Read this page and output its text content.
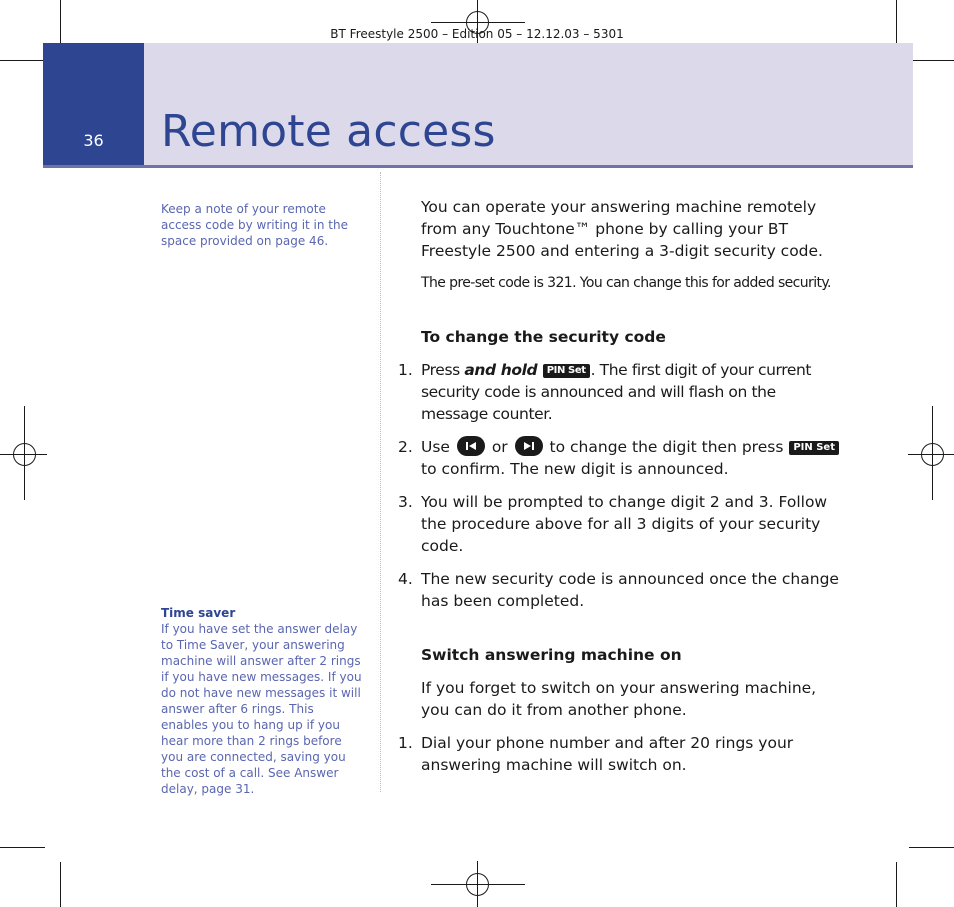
BT Freestyle 2500 – Edition 05 – 12.12.03 – 5301
36	Remote access
Keep a note of your remote access code by writing it in the space provided on page 46.
Time saver
If you have set the answer delay to Time Saver, your answering machine will answer after 2 rings if you have new messages. If you do not have new messages it will answer after 6 rings. This enables you to hang up if you hear more than 2 rings before you are connected, saving you the cost of a call. See Answer delay, page 31.

You can operate your answering machine remotely from any Touchtone™ phone by calling your BT Freestyle 2500 and entering a 3-digit security code.

The pre-set code is 321. You can change this for added security.

To change the security code
1. Press and hold PIN Set . The first digit of your current security code is announced and will flash on the message counter.
2. Use
or
to change the digit then press PIN Set to confirm. The new digit is announced.
3. You will be prompted to change digit 2 and 3. Follow the procedure above for all 3 digits of your security code.
4. The new security code is announced once the change has been completed.
Switch answering machine on

If you forget to switch on your answering machine, you can do it from another phone.

1. Dial your phone number and after 20 rings your answering machine will switch on.
